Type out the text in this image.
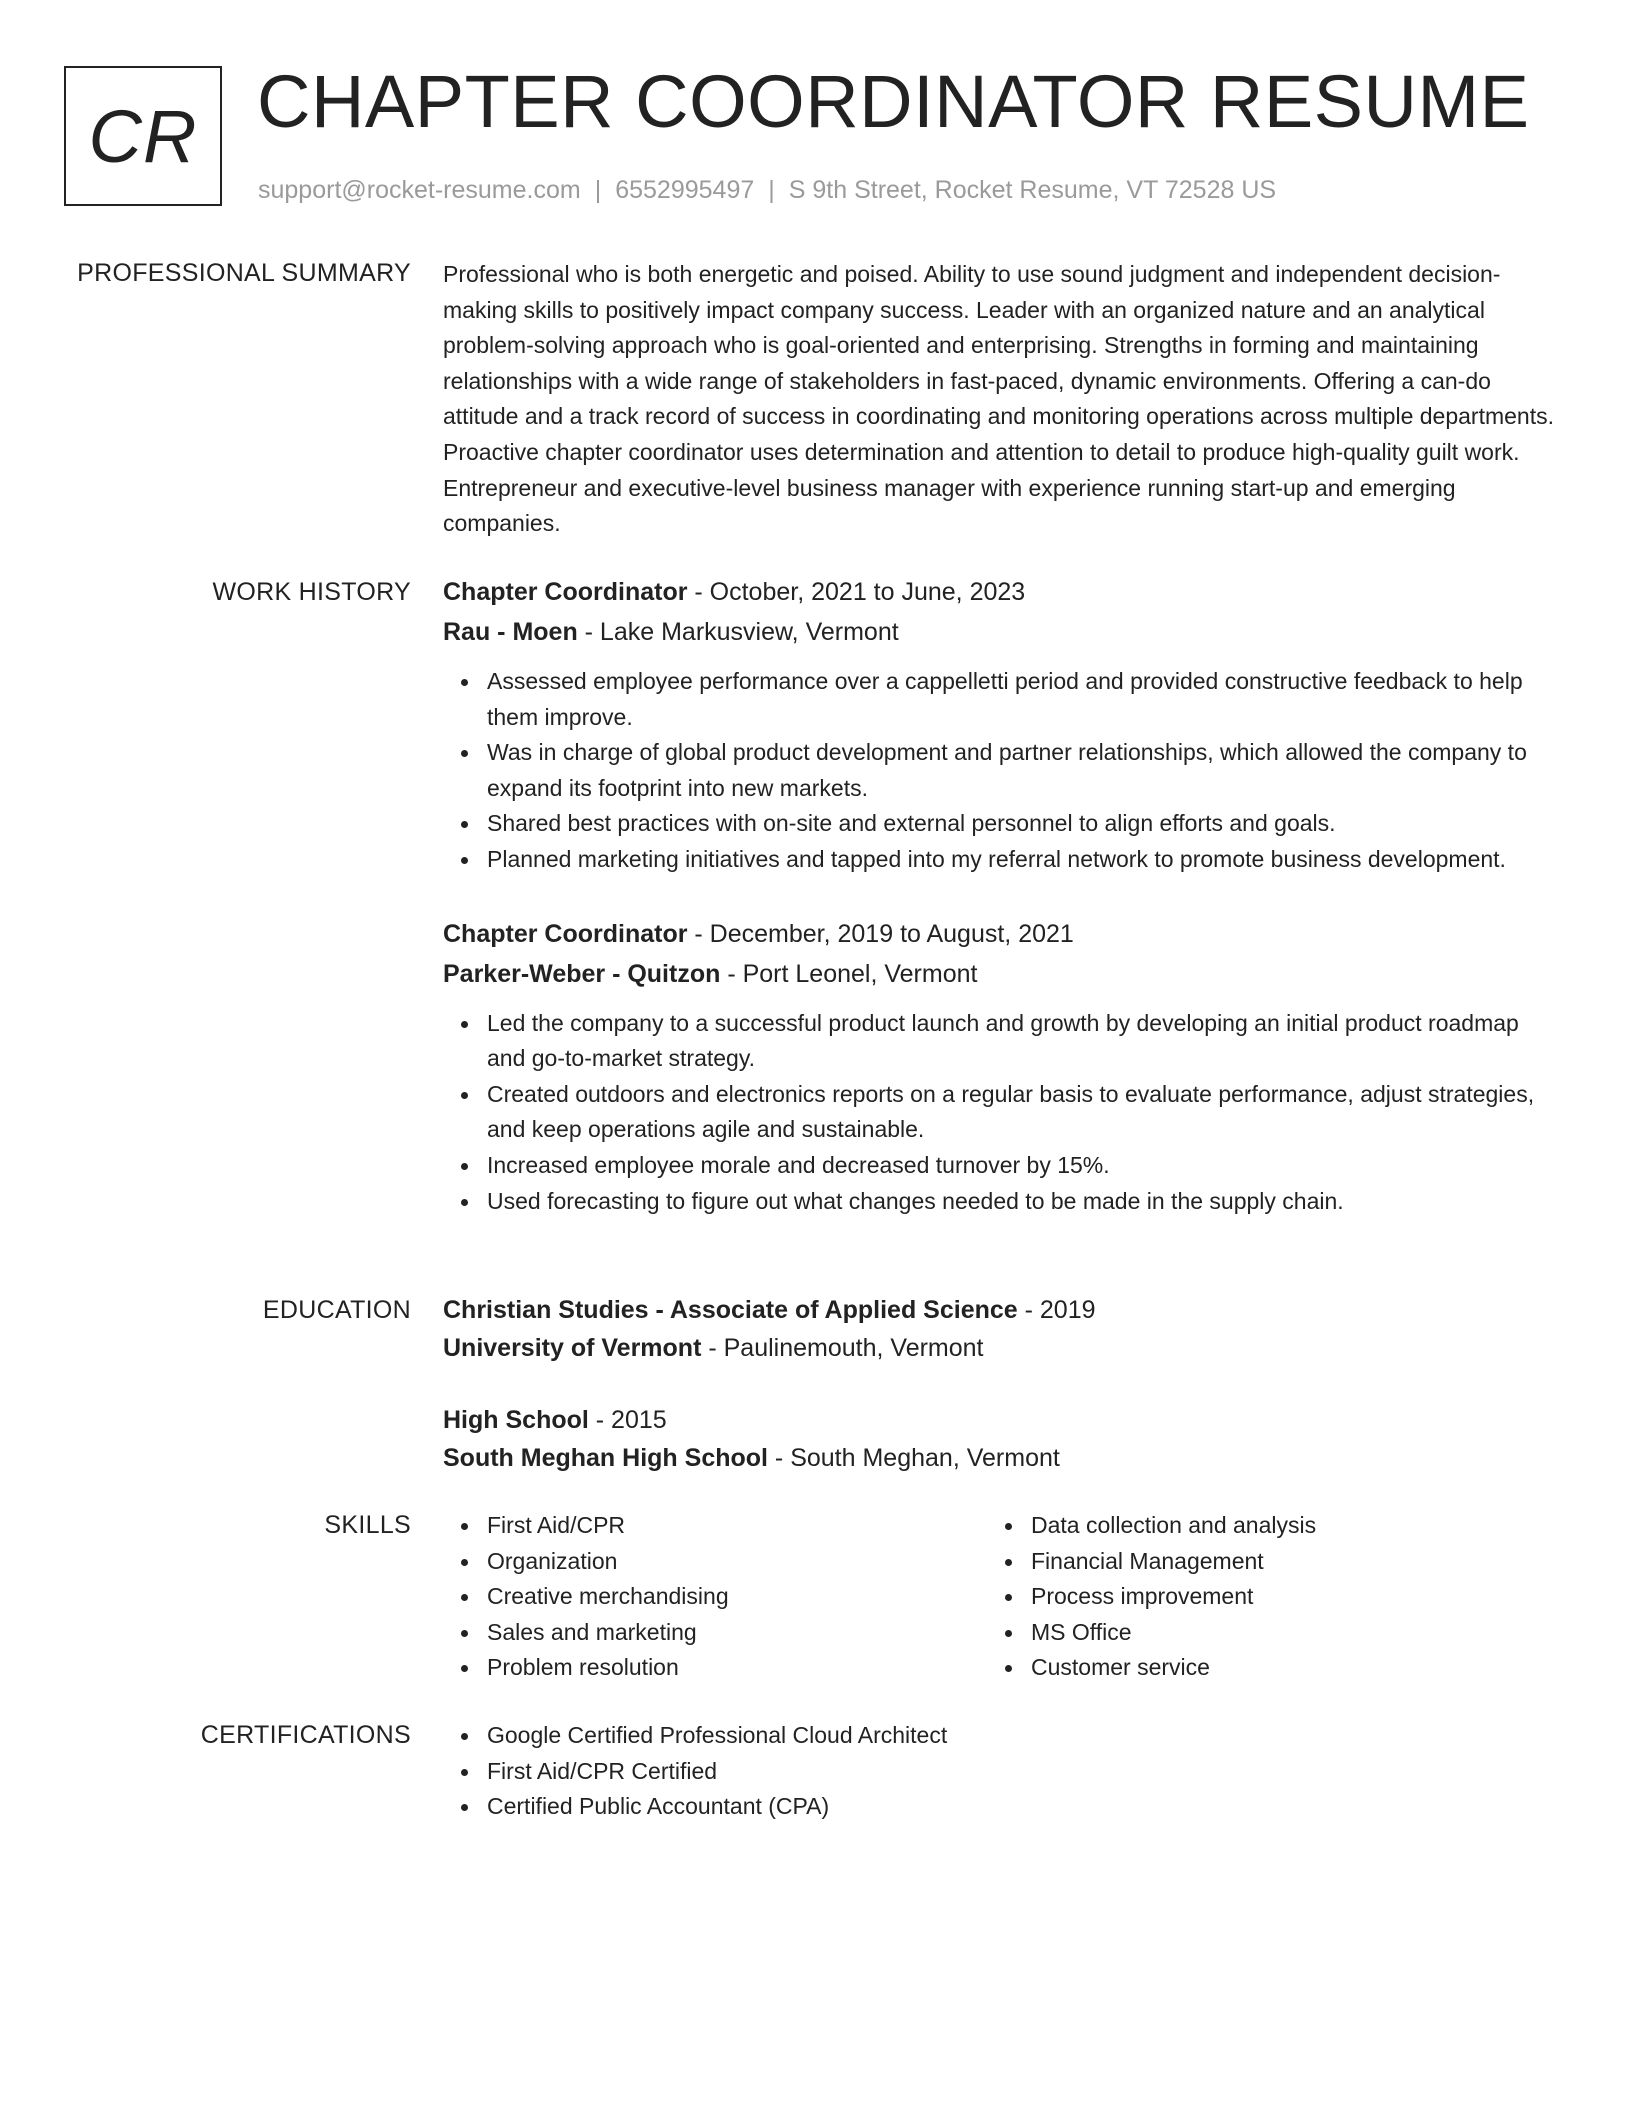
CR CHAPTER COORDINATOR RESUME
support@rocket-resume.com | 6552995497 | S 9th Street, Rocket Resume, VT 72528 US
PROFESSIONAL SUMMARY Professional who is both energetic and poised. Ability to use sound judgment and independent decision-making skills to positively impact company success. Leader with an organized nature and an analytical problem-solving approach who is goal-oriented and enterprising. Strengths in forming and maintaining relationships with a wide range of stakeholders in fast-paced, dynamic environments. Offering a can-do attitude and a track record of success in coordinating and monitoring operations across multiple departments. Proactive chapter coordinator uses determination and attention to detail to produce high-quality guilt work. Entrepreneur and executive-level business manager with experience running start-up and emerging companies.

WORK HISTORY Chapter Coordinator - October, 2021 to June, 2023
Rau - Moen - Lake Markusview, Vermont
Assessed employee performance over a cappelletti period and provided constructive feedback to help them improve.
Was in charge of global product development and partner relationships, which allowed the company to expand its footprint into new markets.
Shared best practices with on-site and external personnel to align efforts and goals.
Planned marketing initiatives and tapped into my referral network to promote business development.
Chapter Coordinator - December, 2019 to August, 2021
Parker-Weber - Quitzon - Port Leonel, Vermont
Led the company to a successful product launch and growth by developing an initial product roadmap and go-to-market strategy.
Created outdoors and electronics reports on a regular basis to evaluate performance, adjust strategies, and keep operations agile and sustainable.
Increased employee morale and decreased turnover by 15%.
Used forecasting to figure out what changes needed to be made in the supply chain.
EDUCATION Christian Studies - Associate of Applied Science - 2019
University of Vermont - Paulinemouth, Vermont
High School - 2015
South Meghan High School - South Meghan, Vermont
SKILLS	First Aid/CPR
Organization
Creative merchandising
Sales and marketing
Problem resolution
Data collection and analysis
Financial Management
Process improvement
MS Office
Customer service
CERTIFICATIONS	Google Certified Professional Cloud Architect
First Aid/CPR Certified
Certified Public Accountant (CPA)
